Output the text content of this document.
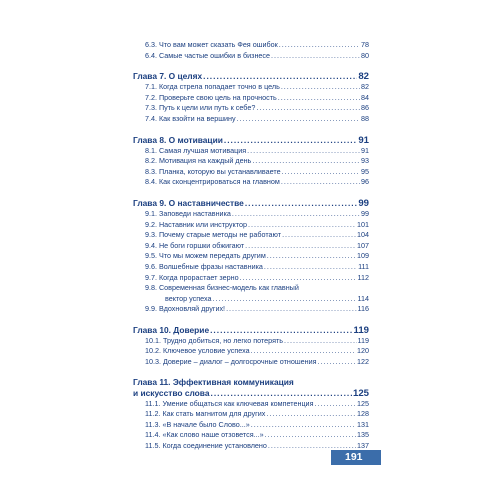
6.3. Что вам может сказать Фея ошибок .....	78
6.4. Самые частые ошибки в бизнесе .....	80
Глава 7. О целях .....	82
7.1. Когда стрела попадает точно в цель .....	82
7.2. Проверьте свою цель на прочность .....	84
7.3. Путь к цели или путь к себе? .....	86
7.4. Как взойти на вершину .....	88
Глава 8. О мотивации .....	91
8.1. Самая лучшая мотивация .....	91
8.2. Мотивация на каждый день .....	93
8.3. Планка, которую вы устанавливаете .....	95
8.4. Как сконцентрироваться на главном .....	96
Глава 9. О наставничестве .....	99
9.1. Заповеди наставника .....	99
9.2. Наставник или инструктор .....	101
9.3. Почему старые методы не работают .....	104
9.4. Не боги горшки обжигают .....	107
9.5. Что мы можем передать другим .....	109
9.6. Волшебные фразы наставника .....	111
9.7. Когда прорастает зерно .....	112
9.8. Современная бизнес-модель как главный
вектор успеха .....	114
9.9. Вдохновляй других! .....	116
Глава 10. Доверие .....	119
10.1. Трудно добиться, но легко потерять .....	119
10.2. Ключевое условие успеха .....	120
10.3. Доверие – диалог – долгосрочные отношения .....	122
Глава 11. Эффективная коммуникация
и искусство слова .....	125
11.1. Умение общаться как ключевая компетенция .....	125
11.2. Как стать магнитом для других .....	128
11.3. «В начале было Слово...» .....	131
11.4. «Как слово наше отзовется...» .....	135
11.5. Когда соединение установлено .....	137
191
